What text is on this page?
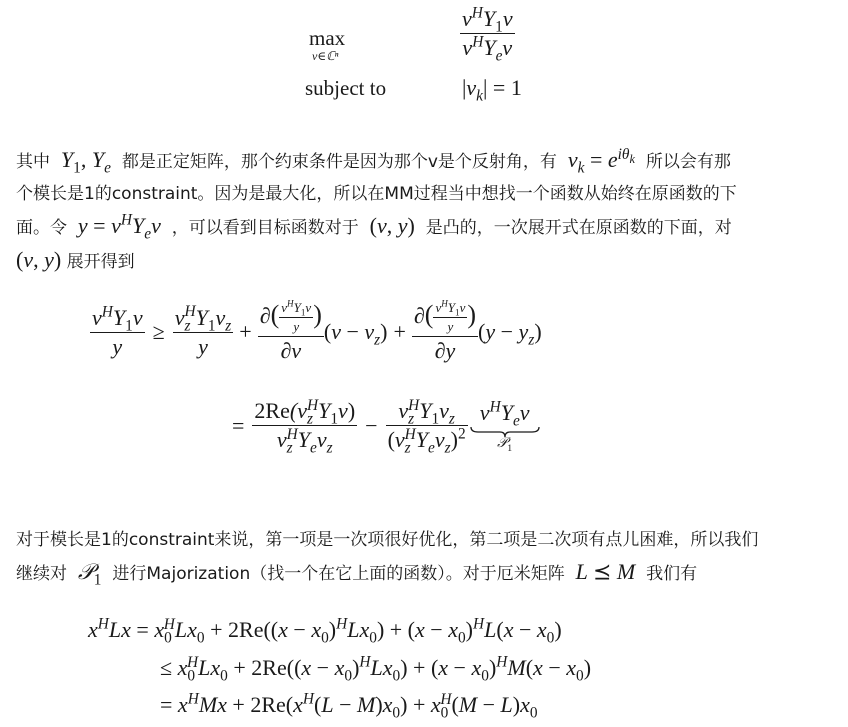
max
v∈ℂⁿ	$\frac{v^HY_1v}{v^HY_ev}$
subject to	$|v_k| = 1$
其中  $Y_1$, $Y_e$ 都是正定矩阵，那个约束条件是因为那个v是个反射角，有  $v_k = e^{i\theta_k}$ 所以会有那
个模长是1的constraint。因为是最大化，所以在MM过程当中想找一个函数从始终在原函数的下
面。令  $y = v^HY_ev$  ，可以看到目标函数对于 (v, y) 是凸的，一次展开式在原函数的下面，对
(v, y) 展开得到
$\frac{v^HY_1v}{y} \ge \frac{v_z^HY_1v_z}{y} + \frac{\partial( \frac{v^HY_1v}{y} )}{\partial v} (v - v_z) + \frac{\partial( \frac{v^HY_1v}{y} )}{\partial y} (y - y_z)$
= $\frac{2Re(v_z^HY_1v)}{v_z^HY_ev_z} - \frac{v_z^HY_1v_z}{(v_z^HY_ev_z)^2} v^HY_ev$
𝒫$_1$
对于模长是1的constraint来说，第一项是一次项很好优化，第二项是二次项有点儿困难，所以我们
继续对  𝒫$_1$ 进行Majorization（找一个在它上面的函数）。对于厄米矩阵  L ⪯ M  我们有
$x^HLx = x_0^HLx_0 + 2Re((x - x_0)^HLx_0) + (x - x_0)^HL(x - x_0)$
≤ $x_0^HLx_0 + 2Re((x - x_0)^HLx_0) + (x - x_0)^HM(x - x_0)$
= $x^HMx + 2Re(x^H(L - M)x_0) + x_0^H(M - L)x_0$
